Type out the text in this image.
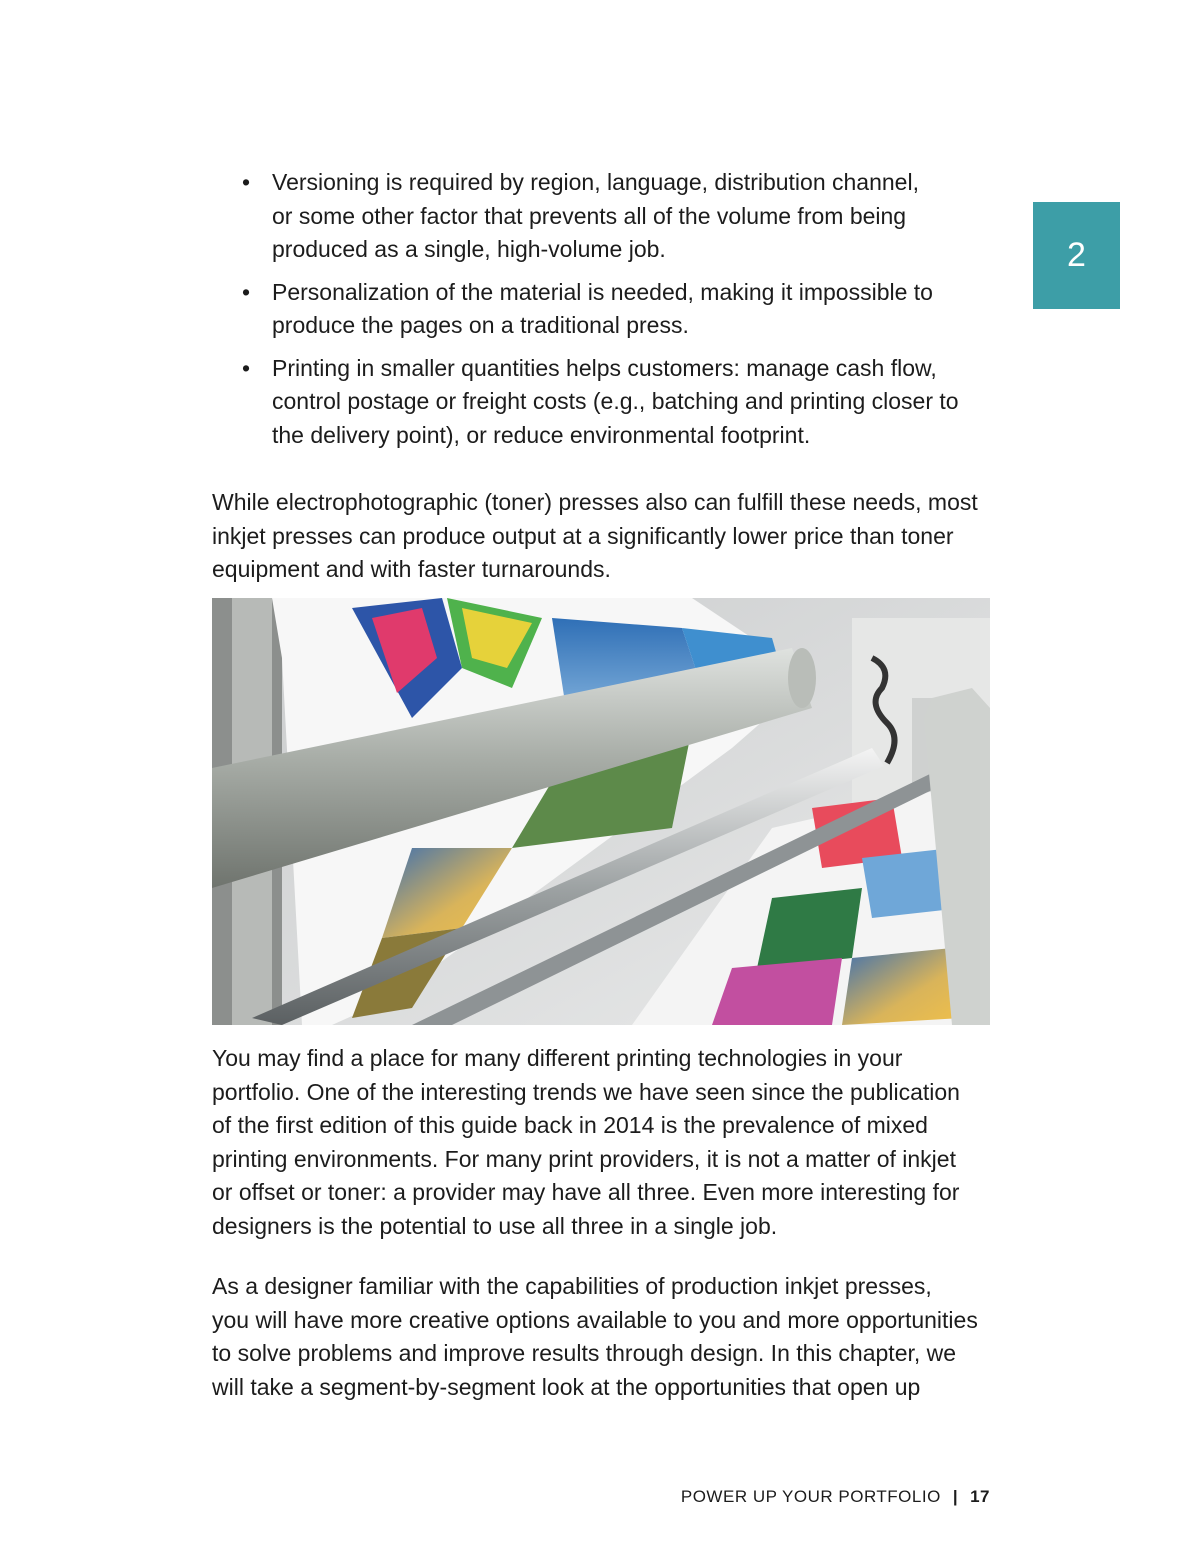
2
• Versioning is required by region, language, distribution channel,
or some other factor that prevents all of the volume from being
produced as a single, high-volume job.
• Personalization of the material is needed, making it impossible to
produce the pages on a traditional press.
• Printing in smaller quantities helps customers: manage cash flow,
control postage or freight costs (e.g., batching and printing closer to
the delivery point), or reduce environmental footprint.

While electrophotographic (toner) presses also can fulfill these needs, most
inkjet presses can produce output at a significantly lower price than toner
equipment and with faster turnarounds.

You may find a place for many different printing technologies in your
portfolio. One of the interesting trends we have seen since the publication
of the first edition of this guide back in 2014 is the prevalence of mixed
printing environments. For many print providers, it is not a matter of inkjet
or offset or toner: a provider may have all three. Even more interesting for
designers is the potential to use all three in a single job.

As a designer familiar with the capabilities of production inkjet presses,
you will have more creative options available to you and more opportunities
to solve problems and improve results through design. In this chapter, we
will take a segment-by-segment look at the opportunities that open up

POWER UP YOUR PORTFOLIO | 17
